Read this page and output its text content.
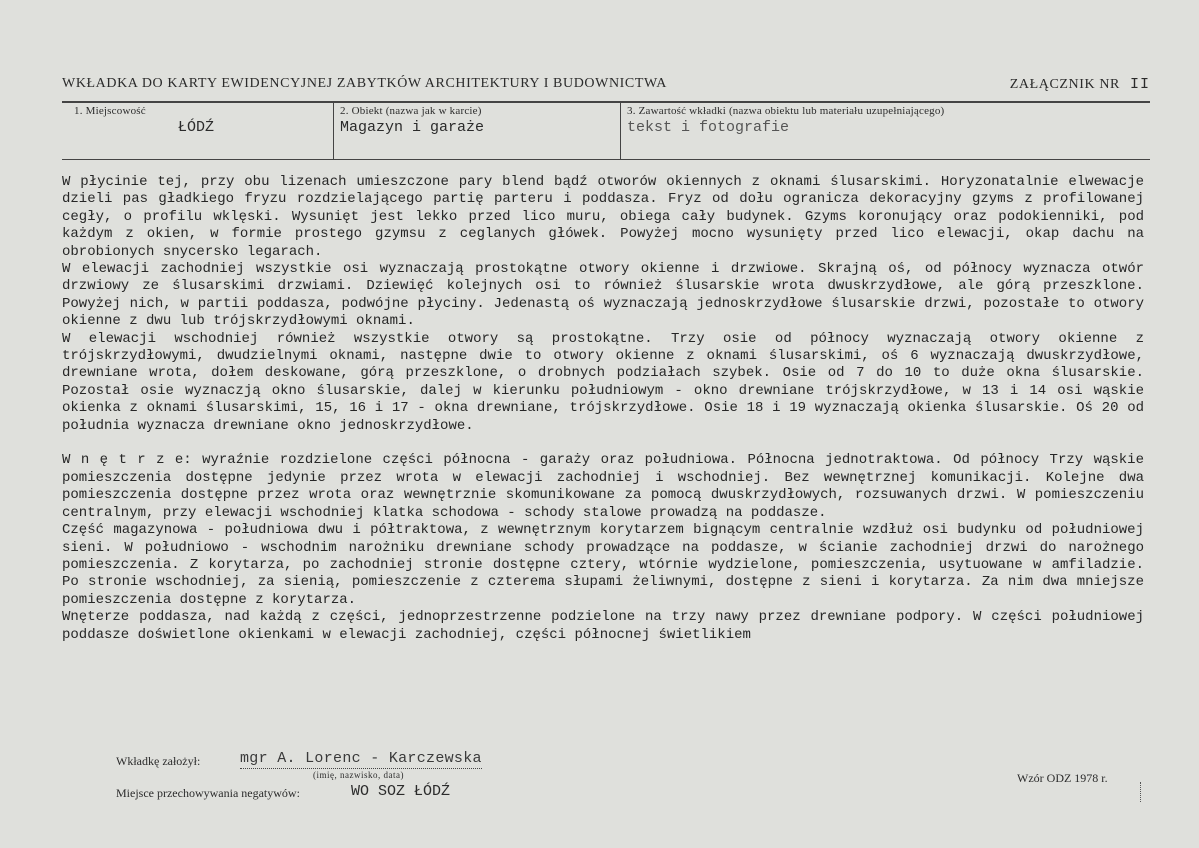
WKŁADKA DO KARTY EWIDENCYJNEJ ZABYTKÓW ARCHITEKTURY I BUDOWNICTWA	ZAŁĄCZNIK NR II
1. Miejscowość
ŁÓDŹ
2. Obiekt (nazwa jak w karcie)
Magazyn i garaże
3. Zawartość wkładki (nazwa obiektu lub materiału uzupełniającego)
tekst i fotografie

W płycinie tej, przy obu lizenach umieszczone pary blend bądź otworów okiennych z oknami ślusarskimi. Horyzonatalnie elwewacje dzieli pas gładkiego fryzu rozdzielającego partię parteru i poddasza. Fryz od dołu ogranicza dekoracyjny gzyms z profilowanej cegły, o profilu wklęski. Wysunięt jest lekko przed lico muru, obiega cały budynek. Gzyms koronujący oraz podokienniki, pod każdym z okien, w formie prostego gzymsu z ceglanych główek. Powyżej mocno wysunięty przed lico elewacji, okap dachu na obrobionych snycersko legarach.

W elewacji zachodniej wszystkie osi wyznaczają prostokątne otwory okienne i drzwiowe. Skrajną oś, od północy wyznacza otwór drzwiowy ze ślusarskimi drzwiami. Dziewięć kolejnych osi to również ślusarskie wrota dwuskrzydłowe, ale górą przeszklone. Powyżej nich, w partii poddasza, podwójne płyciny. Jedenastą oś wyznaczają jednoskrzydłowe ślusarskie drzwi, pozostałe to otwory okienne z dwu lub trójskrzydłowymi oknami.

W elewacji wschodniej również wszystkie otwory są prostokątne. Trzy osie od północy wyznaczają otwory okienne z trójskrzydłowymi, dwudzielnymi oknami, następne dwie to otwory okienne z oknami ślusarskimi, oś 6 wyznaczają dwuskrzydłowe, drewniane wrota, dołem deskowane, górą przeszklone, o drobnych podziałach szybek. Osie od 7 do 10 to duże okna ślusarskie. Pozostał osie wyznaczją okno ślusarskie, dalej w kierunku południowym - okno drewniane trójskrzydłowe, w 13 i 14 osi wąskie okienka z oknami ślusarskimi, 15, 16 i 17 - okna drewniane, trójskrzydłowe. Osie 18 i 19 wyznaczają okienka ślusarskie. Oś 20 od południa wyznacza drewniane okno jednoskrzydłowe.

W n ę t r z e: wyraźnie rozdzielone części północna - garaży oraz południowa. Północna jednotraktowa. Od północy Trzy wąskie pomieszczenia dostępne jedynie przez wrota w elewacji zachodniej i wschodniej. Bez wewnętrznej komunikacji. Kolejne dwa pomieszczenia dostępne przez wrota oraz wewnętrznie skomunikowane za pomocą dwuskrzydłowych, rozsuwanych drzwi. W pomieszczeniu centralnym, przy elewacji wschodniej klatka schodowa - schody stalowe prowadzą na poddasze.

Część magazynowa - południowa dwu i półtraktowa, z wewnętrznym korytarzem bignącym centralnie wzdłuż osi budynku od południowej sieni. W południowo - wschodnim narożniku drewniane schody prowadzące na poddasze, w ścianie zachodniej drzwi do narożnego pomieszczenia. Z korytarza, po zachodniej stronie dostępne cztery, wtórnie wydzielone, pomieszczenia, usytuowane w amfiladzie. Po stronie wschodniej, za sienią, pomieszczenie z czterema słupami żeliwnymi, dostępne z sieni i korytarza. Za nim dwa mniejsze pomieszczenia dostępne z korytarza.

Wnęterze poddasza, nad każdą z części, jednoprzestrzenne podzielone na trzy nawy przez drewniane podpory. W części południowej poddasze doświetlone okienkami w elewacji zachodniej, części północnej świetlikiem

Wkładkę założył:	mgr A. Lorenc - Karczewska
(imię, nazwisko, data)
Miejsce przechowywania negatywów:	WO SOZ ŁÓDŹ
Wzór ODZ 1978 r.
